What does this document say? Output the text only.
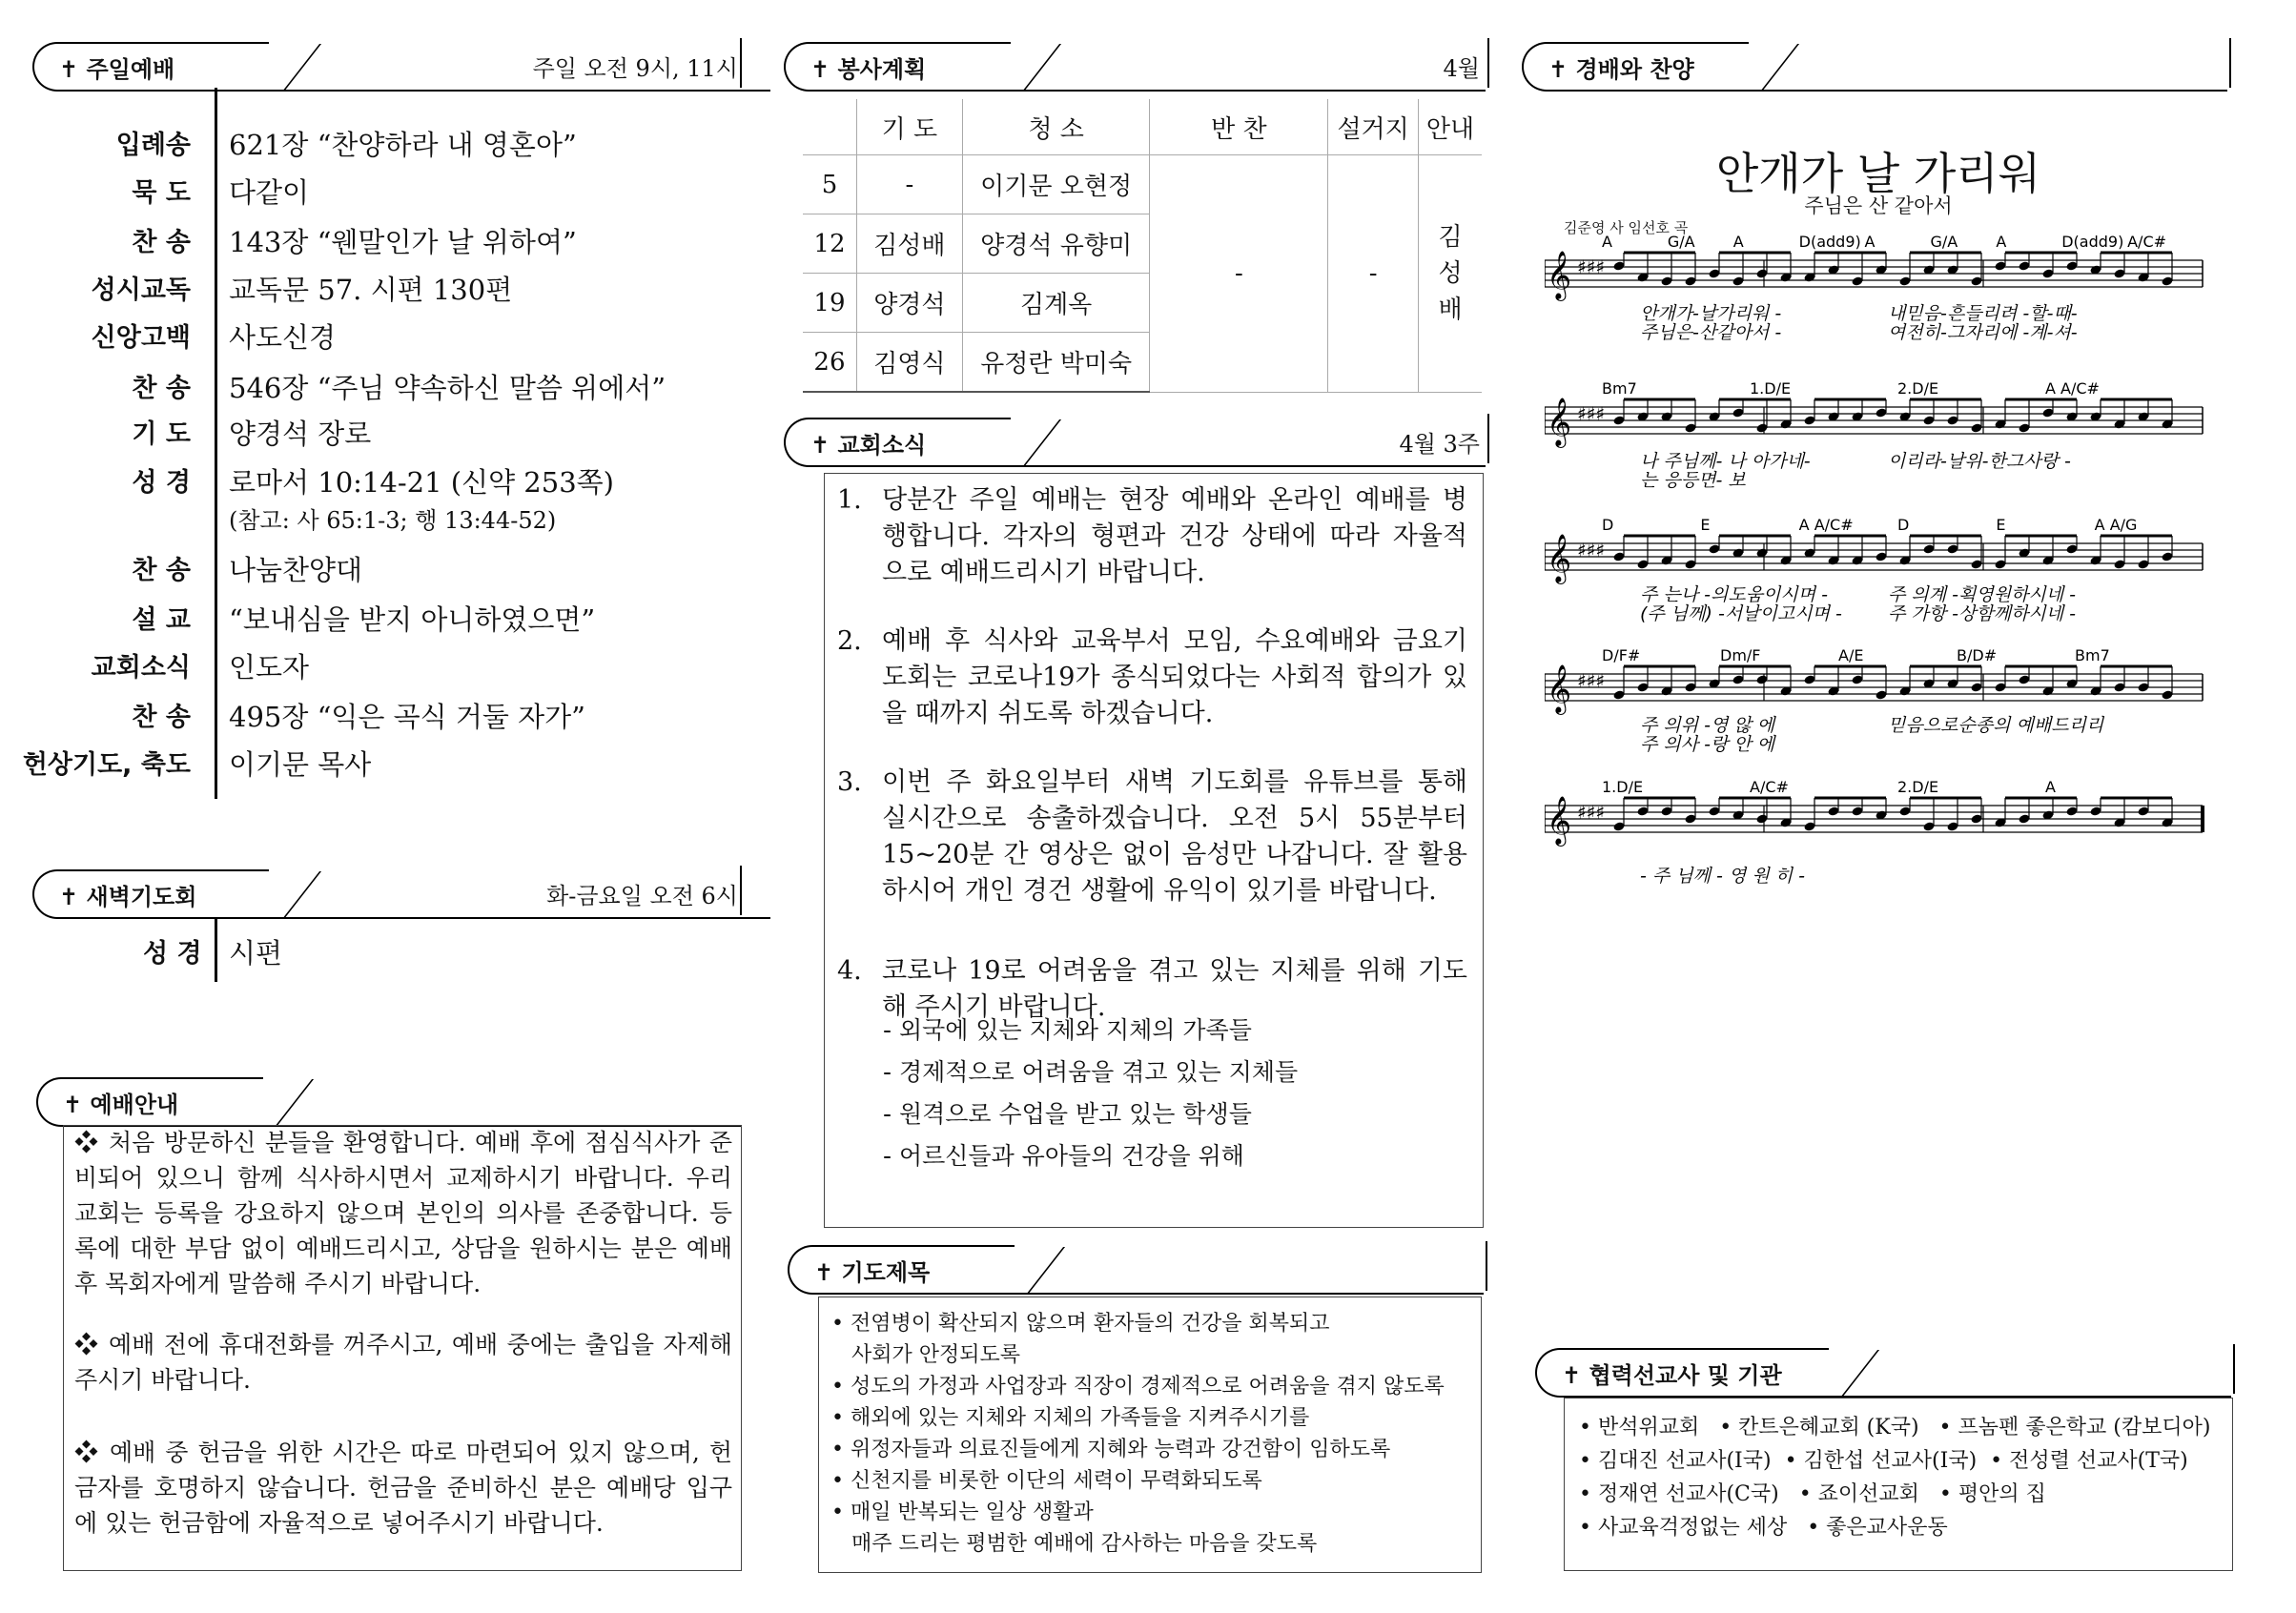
✝ 주일예배	주일 오전 9시, 11시
입례송 621장 “찬양하라 내 영혼아”
묵 도 다같이
찬 송 143장 “웬말인가 날 위하여”
성시교독 교독문 57. 시편 130편
신앙고백 사도신경
찬 송 546장 “주님 약속하신 말씀 위에서”
기 도 양경석 장로
성 경 로마서 10:14-21 (신약 253쪽)
(참고: 사 65:1-3; 행 13:44-52)
찬 송 나눔찬양대
설 교 “보내심을 받지 아니하였으면”
교회소식 인도자
찬 송 495장 “익은 곡식 거둘 자가”
헌상기도, 축도 이기문 목사
✝ 새벽기도회	화-금요일 오전 6시
성 경 시편
✝ 예배안내
❖ 처음 방문하신 분들을 환영합니다. 예배 후에 점심식사가 준비되어 있으니 함께 식사하시면서 교제하시기 바랍니다. 우리 교회는 등록을 강요하지 않으며 본인의 의사를 존중합니다. 등록에 대한 부담 없이 예배드리시고, 상담을 원하시는 분은 예배 후 목회자에게 말씀해 주시기 바랍니다.
❖ 예배 전에 휴대전화를 꺼주시고, 예배 중에는 출입을 자제해 주시기 바랍니다.
❖ 예배 중 헌금을 위한 시간은 따로 마련되어 있지 않으며, 헌금자를 호명하지 않습니다. 헌금을 준비하신 분은 예배당 입구에 있는 헌금함에 자율적으로 넣어주시기 바랍니다.
✝ 봉사계획	4월
	기 도	청 소	반 찬	설거지	안내
5	-	이기문 오현정	-	-	김
성
배
12	김성배	양경석 유향미			
19	양경석	김계옥			
26	김영식	유정란 박미숙			
✝ 교회소식	4월 3주
1. 당분간 주일 예배는 현장 예배와 온라인 예배를 병
행합니다. 각자의 형편과 건강 상태에 따라 자율적
으로 예배드리시기 바랍니다.
2. 예배 후 식사와 교육부서 모임, 수요예배와 금요기
도회는 코로나19가 종식되었다는 사회적 합의가 있
을 때까지 쉬도록 하겠습니다.
3. 이번 주 화요일부터 새벽 기도회를 유튜브를 통해
실시간으로 송출하겠습니다. 오전 5시 55분부터
15~20분 간 영상은 없이 음성만 나갑니다. 잘 활용
하시어 개인 경건 생활에 유익이 있기를 바랍니다.
4. 코로나 19로 어려움을 겪고 있는 지체를 위해 기도
해 주시기 바랍니다.
- 외국에 있는 지체와 지체의 가족들
- 경제적으로 어려움을 겪고 있는 지체들
- 원격으로 수업을 받고 있는 학생들
- 어르신들과 유아들의 건강을 위해
✝ 기도제목
• 전염병이 확산되지 않으며 환자들의 건강을 회복되고
사회가 안정되도록
• 성도의 가정과 사업장과 직장이 경제적으로 어려움을 겪지 않도록
• 해외에 있는 지체와 지체의 가족들을 지켜주시기를
• 위정자들과 의료진들에게 지혜와 능력과 강건함이 임하도록
• 신천지를 비롯한 이단의 세력이 무력화되도록
• 매일 반복되는 일상 생활과
매주 드리는 평범한 예배에 감사하는 마음을 갖도록
✝ 경배와 찬양
안개가 날 가리워
주님은 산 같아서
김준영 사 임선호 곡
𝄞 ♯♯♯
A	G/A	A	D(add9) A	G/A	A	D(add9) A/C#
𝄞 ♯♯♯
Bm7	1.D/E	2.D/E	A A/C#
𝄞 ♯♯♯
D	E	A A/C#	D	E	A A/G
𝄞 ♯♯♯
D/F#	Dm/F	A/E	B/D#	Bm7
𝄞 ♯♯♯
1.D/E	A/C#	2.D/E	A
안개가-날가리워 -	내믿음-흔들리려 -할-때-
주님은-산같아서 -	여전히-그자리에 -계-셔-
나 주님께- 나 아가네-	이리라-날위-한그사랑 -
는 응등면- 보
주 는나 -의도움이시며 -	주 의계 -획영원하시네 -
(주 님께) -서날이고시며 -	주 가항 -상함께하시네 -
주 의위 -영 않 에	믿음으로순종의 예배드리리
주 의사 -랑 안 에
- 주 님께 - 영 원 히 -
✝ 협력선교사 및 기관
• 반석위교회   • 칸트은혜교회 (K국)   • 프놈펜 좋은학교 (캄보디아)
• 김대진 선교사(I국)  • 김한섭 선교사(I국)  • 전성렬 선교사(T국)
• 정재연 선교사(C국)   • 죠이선교회   • 평안의 집
• 사교육걱정없는 세상   • 좋은교사운동
